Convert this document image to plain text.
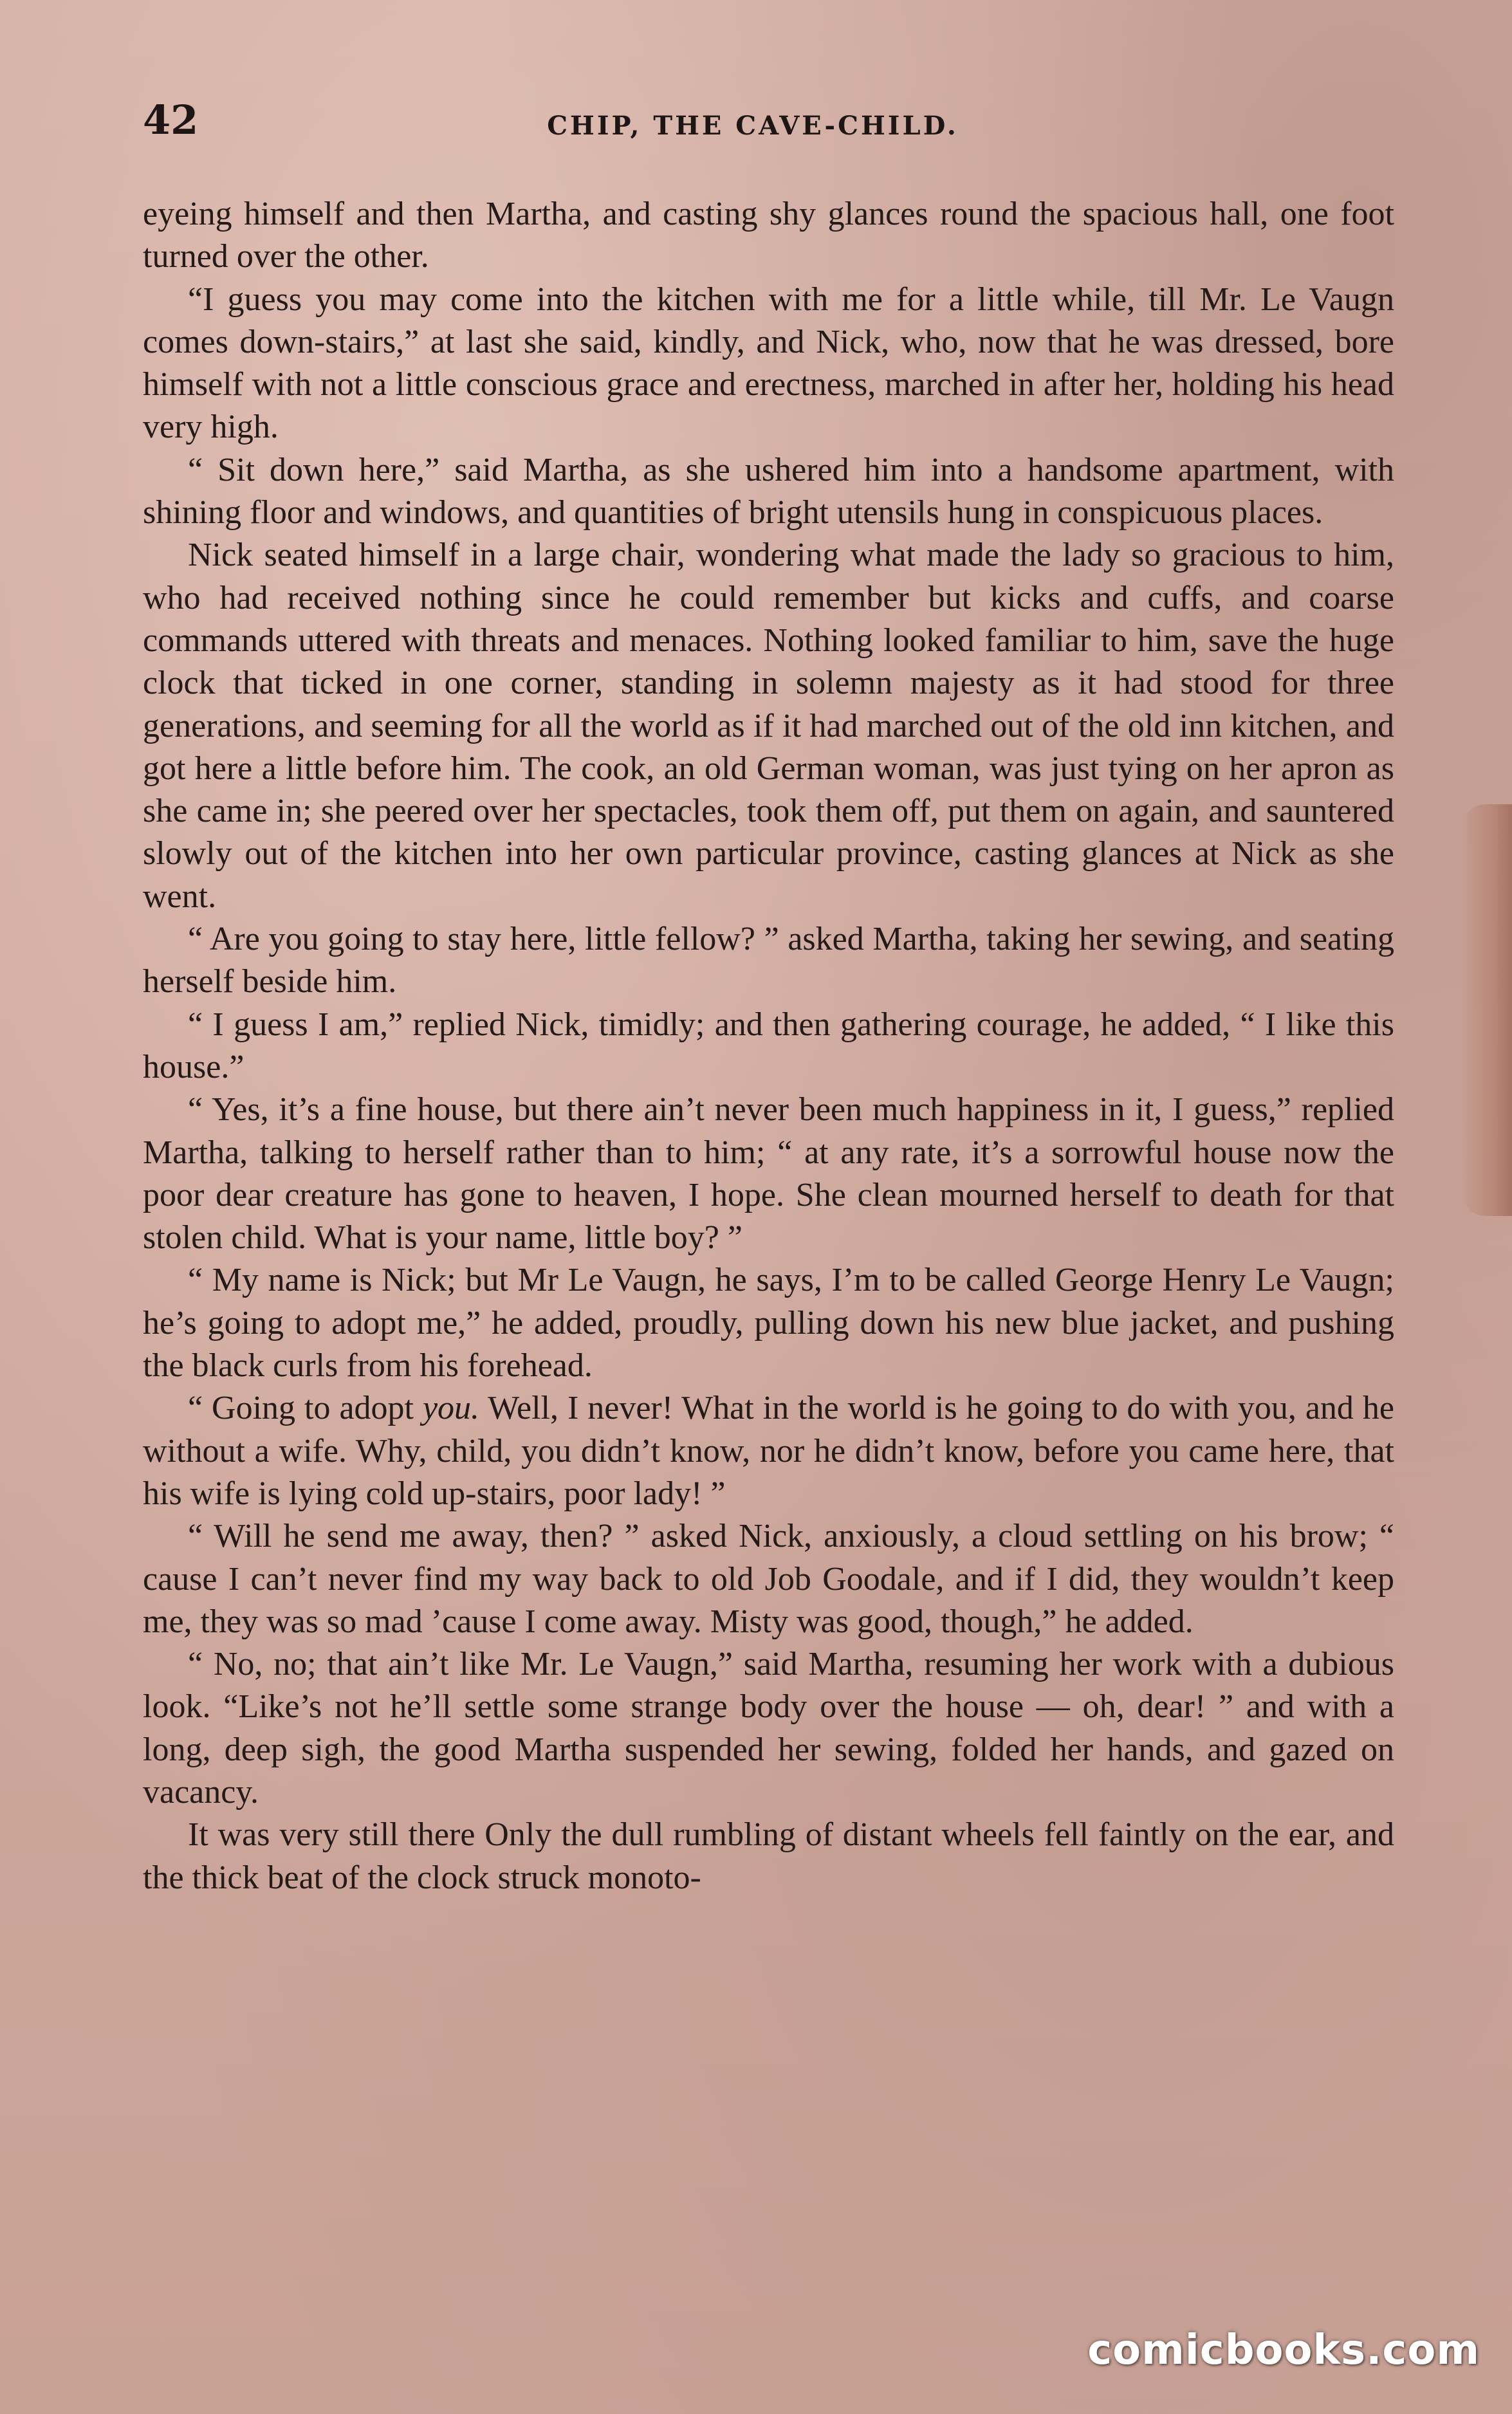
42	CHIP, THE CAVE-CHILD.

eyeing himself and then Martha, and casting shy glances round the spacious hall, one foot turned over the other.

“I guess you may come into the kitchen with me for a little while, till Mr. Le Vaugn comes down-stairs,” at last she said, kindly, and Nick, who, now that he was dressed, bore himself with not a little conscious grace and erectness, marched in after her, holding his head very high.

“ Sit down here,” said Martha, as she ushered him into a handsome apartment, with shining floor and windows, and quantities of bright utensils hung in conspicuous places.

Nick seated himself in a large chair, wondering what made the lady so gracious to him, who had received nothing since he could remember but kicks and cuffs, and coarse commands uttered with threats and menaces. Nothing looked familiar to him, save the huge clock that ticked in one corner, standing in solemn majesty as it had stood for three generations, and seeming for all the world as if it had marched out of the old inn kitchen, and got here a little before him. The cook, an old German woman, was just tying on her apron as she came in; she peered over her spectacles, took them off, put them on again, and sauntered slowly out of the kitchen into her own particular province, casting glances at Nick as she went.

“ Are you going to stay here, little fellow? ” asked Martha, taking her sewing, and seating herself beside him.

“ I guess I am,” replied Nick, timidly; and then gathering courage, he added, “ I like this house.”

“ Yes, it’s a fine house, but there ain’t never been much happiness in it, I guess,” replied Martha, talking to herself rather than to him; “ at any rate, it’s a sorrowful house now the poor dear creature has gone to heaven, I hope. She clean mourned herself to death for that stolen child. What is your name, little boy? ”

“ My name is Nick; but Mr Le Vaugn, he says, I’m to be called George Henry Le Vaugn; he’s going to adopt me,” he added, proudly, pulling down his new blue jacket, and pushing the black curls from his forehead.

“ Going to adopt you. Well, I never! What in the world is he going to do with you, and he without a wife. Why, child, you didn’t know, nor he didn’t know, before you came here, that his wife is lying cold up-stairs, poor lady! ”

“ Will he send me away, then? ” asked Nick, anxiously, a cloud settling on his brow; “ cause I can’t never find my way back to old Job Goodale, and if I did, they wouldn’t keep me, they was so mad ’cause I come away. Misty was good, though,” he added.

“ No, no; that ain’t like Mr. Le Vaugn,” said Martha, resuming her work with a dubious look. “Like’s not he’ll settle some strange body over the house — oh, dear! ” and with a long, deep sigh, the good Martha suspended her sewing, folded her hands, and gazed on vacancy.

It was very still there Only the dull rumbling of distant wheels fell faintly on the ear, and the thick beat of the clock struck monoto-

comicbooks.com
